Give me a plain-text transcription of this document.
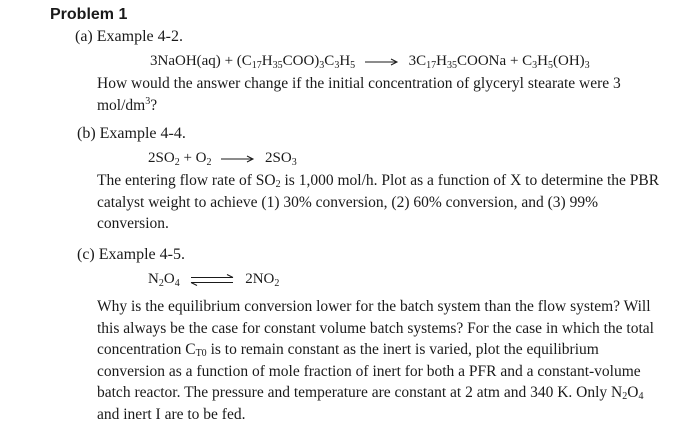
Problem 1
(a) Example 4-2.
3NaOH(aq) + $(C_{17}H_{35}COO)_3C_3H_5$ → $3C_{17}H_{35}COONa + C_3H_5(OH)_3$
How would the answer change if the initial concentration of glyceryl stearate were 3 mol/$dm^3$?
(b) Example 4-4.
$2SO_2 + O_2 \to 2SO_3$
The entering flow rate of $SO_2$ is 1,000 mol/h. Plot as a function of X to determine the PBR catalyst weight to achieve (1) 30% conversion, (2) 60% conversion, and (3) 99% conversion.
(c) Example 4-5.
$N_2O_4$ ⇌ $2NO_2$
Why is the equilibrium conversion lower for the batch system than the flow system? Will this always be the case for constant volume batch systems? For the case in which the total concentration $C_{T0}$ is to remain constant as the inert is varied, plot the equilibrium conversion as a function of mole fraction of inert for both a PFR and a constant-volume batch reactor. The pressure and temperature are constant at 2 atm and 340 K. Only $N_2O_4$ and inert I are to be fed.
